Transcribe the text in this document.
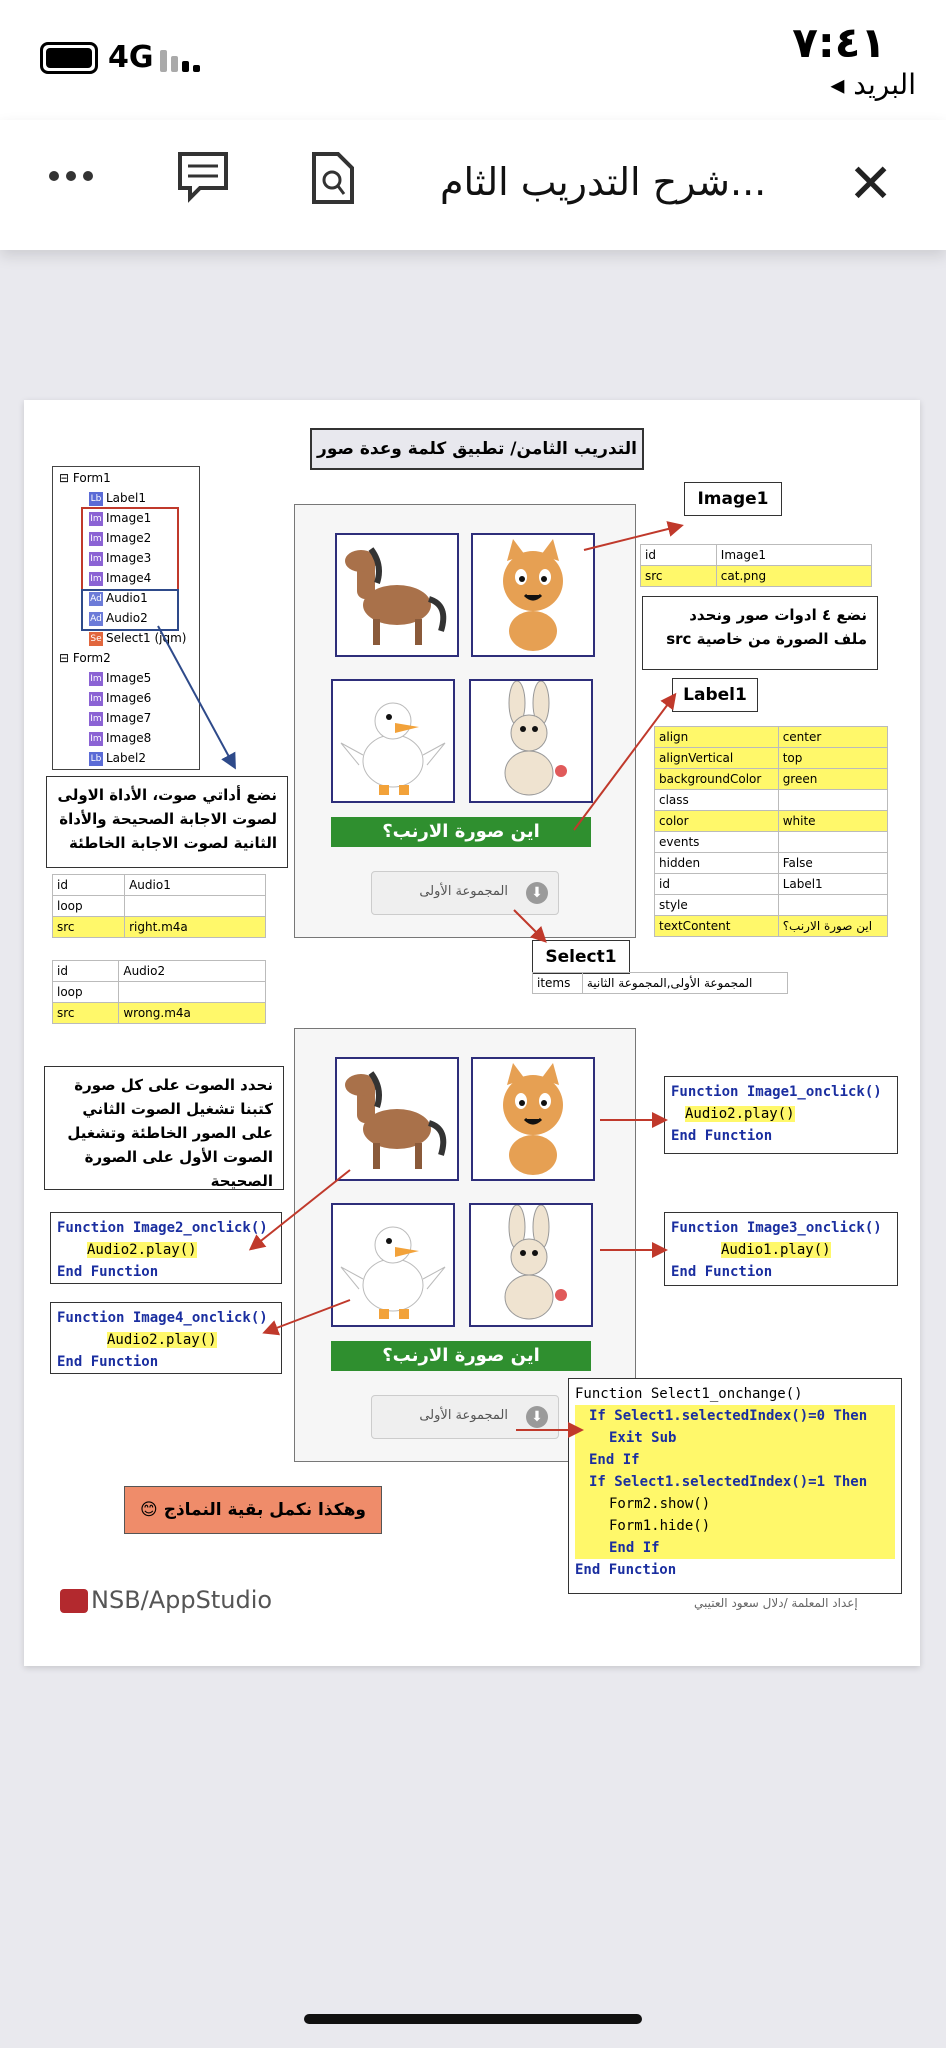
٧:٤١
◂ البريد
4G
شرح التدريب الثام... ✕
التدريب الثامن/ تطبيق كلمة وعدة صور
⊟ Form1
Lb Label1
Im Image1
Im Image2
Im Image3
Im Image4
Ad Audio1
Ad Audio2
Se Select1 (jqm)
⊟ Form2
Im Image5
Im Image6
Im Image7
Im Image8
Lb Label2
اين صورة الارنب؟
المجموعة الأولى	⬇
Image1
id	Image1
src	cat.png
نضع ٤ ادوات صور ونحدد ملف الصورة من خاصية src
Label1
align	center
alignVertical	top
backgroundColor	green
class	
color	white
events	
hidden	False
id	Label1
style	
textContent	اين صورة الارنب؟
Select1
items	المجموعة الأولى,المجموعة الثانية
نضع أداتي صوت، الأداة الاولى لصوت الاجابة الصحيحة والأداة الثانية لصوت الاجابة الخاطئة
id	Audio1
loop	
src	right.m4a
id	Audio2
loop	
src	wrong.m4a
اين صورة الارنب؟
المجموعة الأولى	⬇
نحدد الصوت على كل صورة كتبنا تشغيل الصوت الثاني على الصور الخاطئة وتشغيل الصوت الأول على الصورة الصحيحة
Function Image1_onclick()
Audio2.play()
End Function
Function Image2_onclick()
Audio2.play()
End Function
Function Image3_onclick()
Audio1.play()
End Function
Function Image4_onclick()
Audio2.play()
End Function
Function Select1_onchange()
If Select1.selectedIndex()=0 Then
Exit Sub
End If
If Select1.selectedIndex()=1 Then
Form2.show()
Form1.hide()
End If
End Function
وهكذا نكمل بقية النماذج 😊
NSB/AppStudio	إعداد المعلمة /دلال سعود العتيبي
